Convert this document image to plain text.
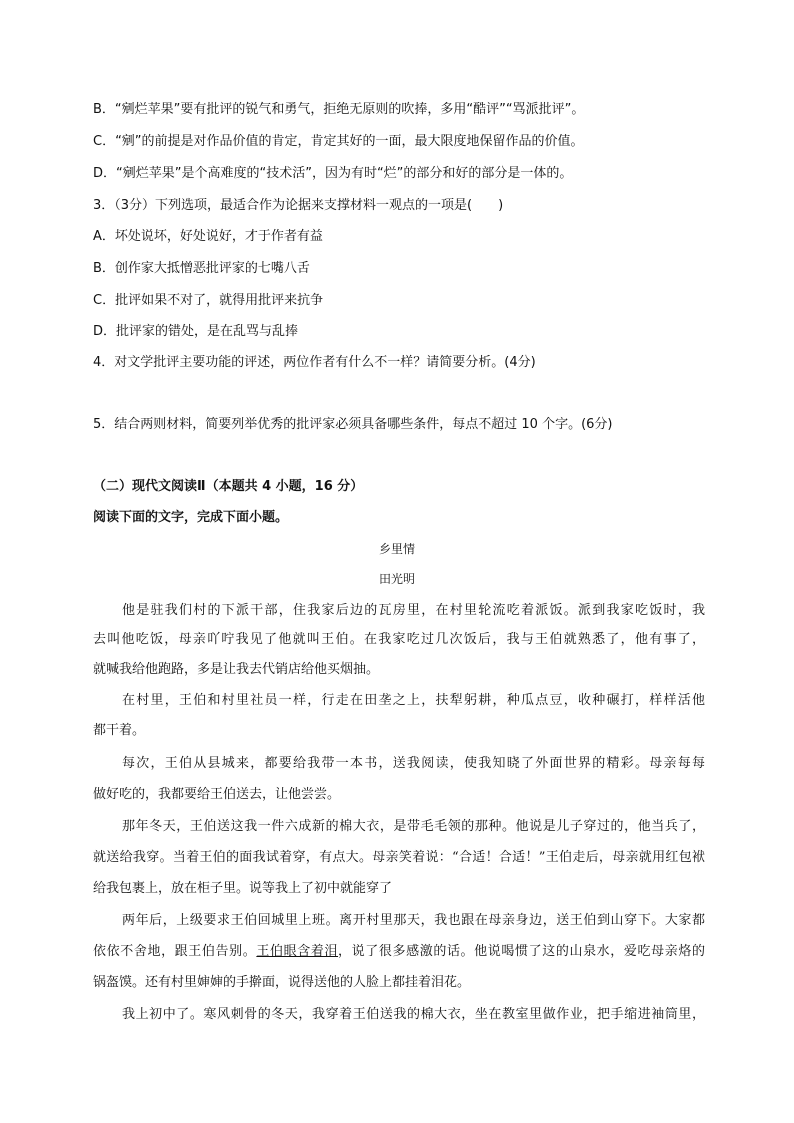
B．“剜烂苹果”要有批评的锐气和勇气，拒绝无原则的吹捧，多用“酷评”“骂派批评”。
C．“剜”的前提是对作品价值的肯定，肯定其好的一面，最大限度地保留作品的价值。
D．“剜烂苹果”是个高难度的“技术活”，因为有时“烂”的部分和好的部分是一体的。
3．（3分）下列选项，最适合作为论据来支撑材料一观点的一项是(　　)
A．坏处说坏，好处说好，才于作者有益
B．创作家大抵憎恶批评家的七嘴八舌
C．批评如果不对了，就得用批评来抗争
D．批评家的错处，是在乱骂与乱捧
4．对文学批评主要功能的评述，两位作者有什么不一样？请简要分析。(4分)
5．结合两则材料，简要列举优秀的批评家必须具备哪些条件，每点不超过 10 个字。(6分)
（二）现代文阅读Ⅱ（本题共 4 小题，16 分）
阅读下面的文字，完成下面小题。
乡里情
田光明
他是驻我们村的下派干部，住我家后边的瓦房里，在村里轮流吃着派饭。派到我家吃饭时，我
去叫他吃饭，母亲吖咛我见了他就叫王伯。在我家吃过几次饭后，我与王伯就熟悉了，他有事了，
就喊我给他跑路，多是让我去代销店给他买烟抽。
在村里，王伯和村里社员一样，行走在田垄之上，扶犁躬耕，种瓜点豆，收种碾打，样样活他
都干着。
每次，王伯从县城来，都要给我带一本书，送我阅读，使我知晓了外面世界的精彩。母亲每每
做好吃的，我都要给王伯送去，让他尝尝。
那年冬天，王伯送这我一件六成新的棉大衣，是带毛毛领的那种。他说是儿子穿过的，他当兵了，
就送给我穿。当着王伯的面我试着穿，有点大。母亲笑着说：“合适！合适！”王伯走后，母亲就用红包袱
给我包裹上，放在柜子里。说等我上了初中就能穿了
两年后，上级要求王伯回城里上班。离开村里那天，我也跟在母亲身边，送王伯到山穿下。大家都
依依不舍地，跟王伯告别。王伯眼含着泪，说了很多感激的话。他说喝惯了这的山泉水，爱吃母亲烙的
锅盔馍。还有村里婶婶的手擀面，说得送他的人脸上都挂着泪花。
我上初中了。寒风刺骨的冬天，我穿着王伯送我的棉大衣，坐在教室里做作业，把手缩进袖筒里，
